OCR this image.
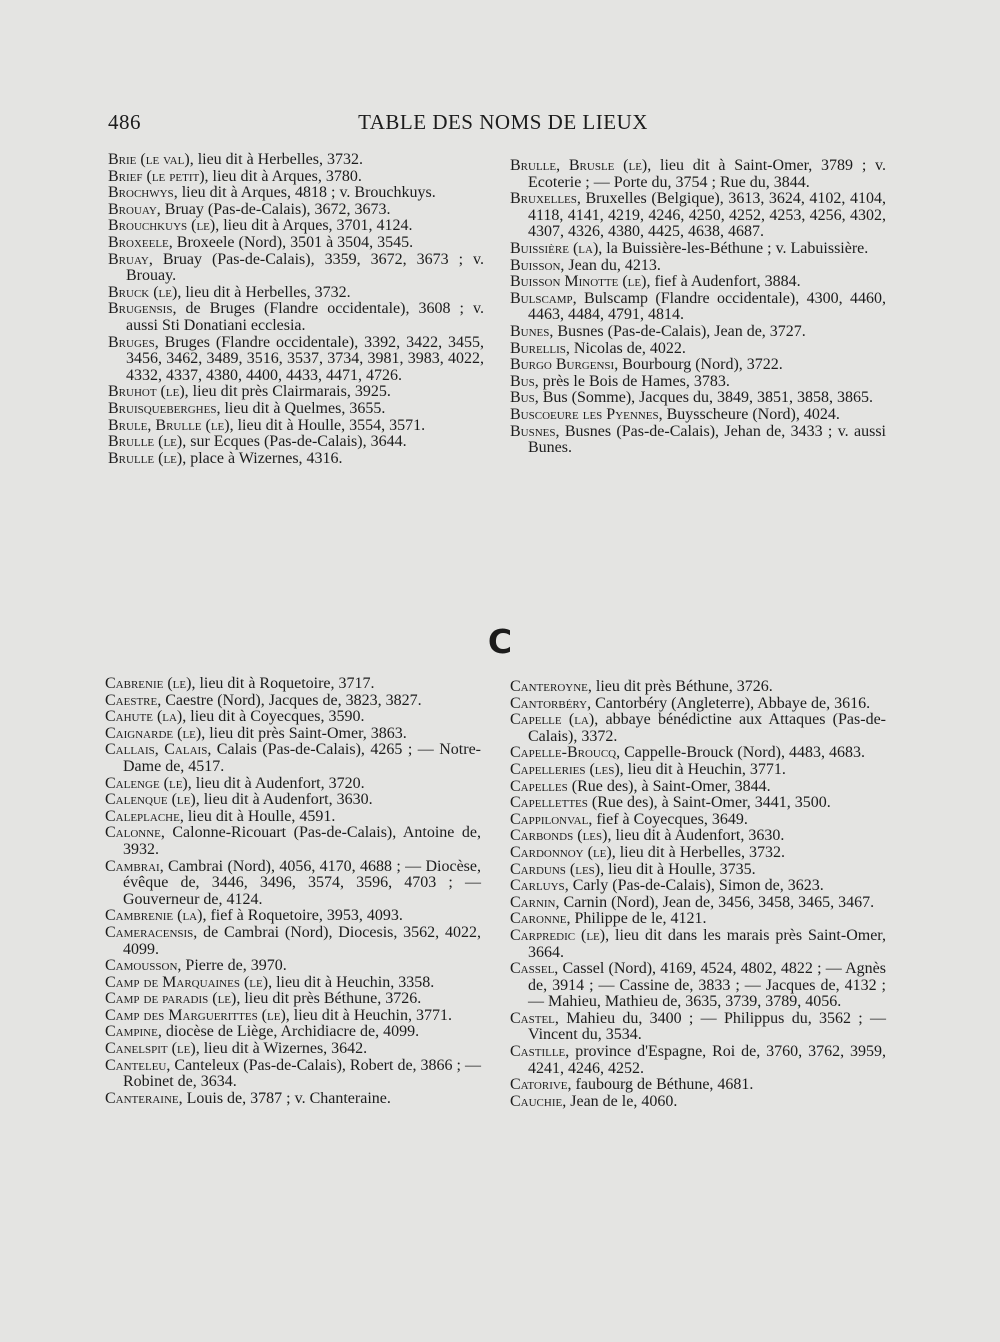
486	TABLE DES NOMS DE LIEUX
Brie (le val), lieu dit à Herbelles, 3732.
Brief (le petit), lieu dit à Arques, 3780.
Brochwys, lieu dit à Arques, 4818 ; v. Brouchkuys.
Brouay, Bruay (Pas-de-Calais), 3672, 3673.
Brouchkuys (le), lieu dit à Arques, 3701, 4124.
Broxeele, Broxeele (Nord), 3501 à 3504, 3545.
Bruay, Bruay (Pas-de-Calais), 3359, 3672, 3673 ; v. Brouay.
Bruck (le), lieu dit à Herbelles, 3732.
Brugensis, de Bruges (Flandre occidentale), 3608 ; v. aussi Sti Donatiani ecclesia.
Bruges, Bruges (Flandre occidentale), 3392, 3422, 3455, 3456, 3462, 3489, 3516, 3537, 3734, 3981, 3983, 4022, 4332, 4337, 4380, 4400, 4433, 4471, 4726.
Bruhot (le), lieu dit près Clairmarais, 3925.
Bruisqueberghes, lieu dit à Quelmes, 3655.
Brule, Brulle (le), lieu dit à Houlle, 3554, 3571.
Brulle (le), sur Ecques (Pas-de-Calais), 3644.
Brulle (le), place à Wizernes, 4316.
Brulle, Brusle (le), lieu dit à Saint-Omer, 3789 ; v. Ecoterie ; — Porte du, 3754 ; Rue du, 3844.
Bruxelles, Bruxelles (Belgique), 3613, 3624, 4102, 4104, 4118, 4141, 4219, 4246, 4250, 4252, 4253, 4256, 4302, 4307, 4326, 4380, 4425, 4638, 4687.
Buissière (la), la Buissière-les-Béthune ; v. Labuissière.
Buisson, Jean du, 4213.
Buisson Minotte (le), fief à Audenfort, 3884.
Bulscamp, Bulscamp (Flandre occidentale), 4300, 4460, 4463, 4484, 4791, 4814.
Bunes, Busnes (Pas-de-Calais), Jean de, 3727.
Burellis, Nicolas de, 4022.
Burgo Burgensi, Bourbourg (Nord), 3722.
Bus, près le Bois de Hames, 3783.
Bus, Bus (Somme), Jacques du, 3849, 3851, 3858, 3865.
Buscoeure les Pyennes, Buysscheure (Nord), 4024.
Busnes, Busnes (Pas-de-Calais), Jehan de, 3433 ; v. aussi Bunes.
C
Cabrenie (le), lieu dit à Roquetoire, 3717.
Caestre, Caestre (Nord), Jacques de, 3823, 3827.
Cahute (la), lieu dit à Coyecques, 3590.
Caignarde (le), lieu dit près Saint-Omer, 3863.
Callais, Calais, Calais (Pas-de-Calais), 4265 ; — Notre-Dame de, 4517.
Calenge (le), lieu dit à Audenfort, 3720.
Calenque (le), lieu dit à Audenfort, 3630.
Caleplache, lieu dit à Houlle, 4591.
Calonne, Calonne-Ricouart (Pas-de-Calais), Antoine de, 3932.
Cambrai, Cambrai (Nord), 4056, 4170, 4688 ; — Diocèse, évêque de, 3446, 3496, 3574, 3596, 4703 ; — Gouverneur de, 4124.
Cambrenie (la), fief à Roquetoire, 3953, 4093.
Cameracensis, de Cambrai (Nord), Diocesis, 3562, 4022, 4099.
Camousson, Pierre de, 3970.
Camp de Marquaines (le), lieu dit à Heuchin, 3358.
Camp de paradis (le), lieu dit près Béthune, 3726.
Camp des Marguerittes (le), lieu dit à Heuchin, 3771.
Campine, diocèse de Liège, Archidiacre de, 4099.
Canelspit (le), lieu dit à Wizernes, 3642.
Canteleu, Canteleux (Pas-de-Calais), Robert de, 3866 ; — Robinet de, 3634.
Canteraine, Louis de, 3787 ; v. Chanteraine.
Canteroyne, lieu dit près Béthune, 3726.
Cantorbéry, Cantorbéry (Angleterre), Abbaye de, 3616.
Capelle (la), abbaye bénédictine aux Attaques (Pas-de-Calais), 3372.
Capelle-Broucq, Cappelle-Brouck (Nord), 4483, 4683.
Capelleries (les), lieu dit à Heuchin, 3771.
Capelles (Rue des), à Saint-Omer, 3844.
Capellettes (Rue des), à Saint-Omer, 3441, 3500.
Cappilonval, fief à Coyecques, 3649.
Carbonds (les), lieu dit à Audenfort, 3630.
Cardonnoy (le), lieu dit à Herbelles, 3732.
Carduns (les), lieu dit à Houlle, 3735.
Carluys, Carly (Pas-de-Calais), Simon de, 3623.
Carnin, Carnin (Nord), Jean de, 3456, 3458, 3465, 3467.
Caronne, Philippe de le, 4121.
Carpredic (le), lieu dit dans les marais près Saint-Omer, 3664.
Cassel, Cassel (Nord), 4169, 4524, 4802, 4822 ; — Agnès de, 3914 ; — Cassine de, 3833 ; — Jacques de, 4132 ; — Mahieu, Mathieu de, 3635, 3739, 3789, 4056.
Castel, Mahieu du, 3400 ; — Philippus du, 3562 ; — Vincent du, 3534.
Castille, province d'Espagne, Roi de, 3760, 3762, 3959, 4241, 4246, 4252.
Catorive, faubourg de Béthune, 4681.
Cauchie, Jean de le, 4060.
